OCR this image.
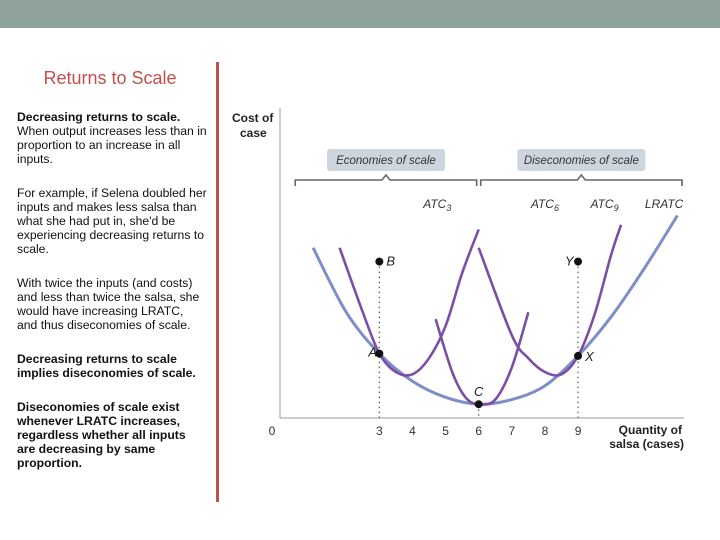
Returns to Scale

Decreasing returns to scale. When output increases less than in proportion to an increase in all inputs.

For example, if Selena doubled her inputs and makes less salsa than what she had put in, she'd be experiencing decreasing returns to scale.

With twice the inputs (and costs) and less than twice the salsa, she would have increasing LRATC, and thus diseconomies of scale.

Decreasing returns to scale implies diseconomies of scale.

Diseconomies of scale exist whenever LRATC increases, regardless whether all inputs are decreasing by same proportion.

Cost of
case
Quantity of
salsa (cases)
0	3 4 5 6 7 8 9
Economies of scale	Diseconomies of scale
$ATC_3$	$ATC_6$	$ATC_9$ LRATC
A
B
C
X
Y
